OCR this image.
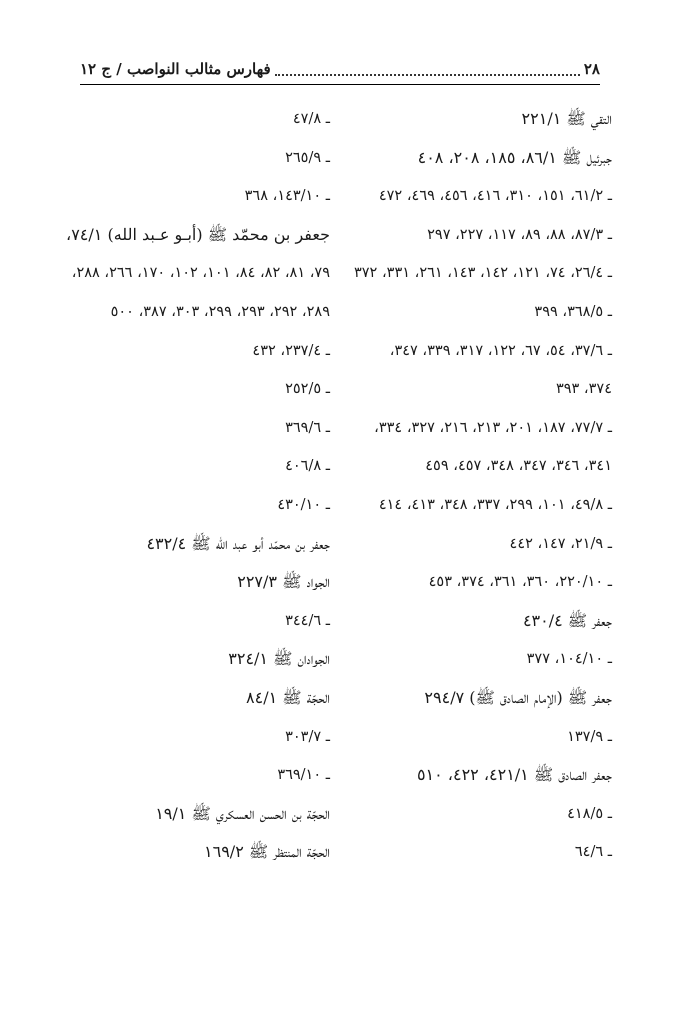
٢٨
فهارس مثالب النواصب / ج ١٢
التقي ﷺ ٢٢١/١
جبرئيل ﷺ ٨٦/١، ١٨٥، ٢٠٨، ٤٠٨
ـ ٦١/٢، ١٥١، ٣١٠، ٤١٦، ٤٥٦، ٤٦٩، ٤٧٢
ـ ٨٧/٣، ٨٨، ٨٩، ١١٧، ٢٢٧، ٢٩٧
ـ ٢٦/٤، ٧٤، ١٢١، ١٤٢، ١٤٣، ٢٦١، ٣٣١، ٣٧٢
ـ ٣٦٨/٥، ٣٩٩
ـ ٣٧/٦، ٥٤، ٦٧، ١٢٢، ٣١٧، ٣٣٩، ٣٤٧،
٣٧٤، ٣٩٣
ـ ٧٧/٧، ١٨٧، ٢٠١، ٢١٣، ٢١٦، ٣٢٧، ٣٣٤،
٣٤١، ٣٤٦، ٣٤٧، ٣٤٨، ٤٥٧، ٤٥٩
ـ ٤٩/٨، ١٠١، ٢٩٩، ٣٣٧، ٣٤٨، ٤١٣، ٤١٤
ـ ٢١/٩، ١٤٧، ٤٤٢
ـ ٢٢٠/١٠، ٣٦٠، ٣٦١، ٣٧٤، ٤٥٣
جعفر ﷺ ٤٣٠/٤
ـ ١٠٤/١٠، ٣٧٧
جعفر ﷺ (الإمام الصادق ﷺ) ٢٩٤/٧
ـ ١٣٧/٩
جعفر الصادق ﷺ ٤٢١/١، ٤٢٢، ٥١٠
ـ ٤١٨/٥
ـ ٦٤/٦
ـ ٤٧/٨
ـ ٢٦٥/٩
ـ ١٤٣/١٠، ٣٦٨
جعفر بن محمّد ﷺ (أبـو عـبد الله) ٧٤/١،
٧٩، ٨١، ٨٢، ٨٤، ١٠١، ١٠٢، ١٧٠، ٢٦٦، ٢٨٨،
٢٨٩، ٢٩٢، ٢٩٣، ٢٩٩، ٣٠٣، ٣٨٧، ٥٠٠
ـ ٢٣٧/٤، ٤٣٢
ـ ٢٥٢/٥
ـ ٣٦٩/٦
ـ ٤٠٦/٨
ـ ٤٣٠/١٠
جعفر بن محمّد أبو عبد الله ﷺ ٤٣٢/٤
الجواد ﷺ ٢٢٧/٣
ـ ٣٤٤/٦
الجوادان ﷺ ٣٢٤/١
الحجّة ﷺ ٨٤/١
ـ ٣٠٣/٧
ـ ٣٦٩/١٠
الحجّة بن الحسن العسكري ﷺ ١٩/١
الحجّة المنتظر ﷺ ١٦٩/٢
